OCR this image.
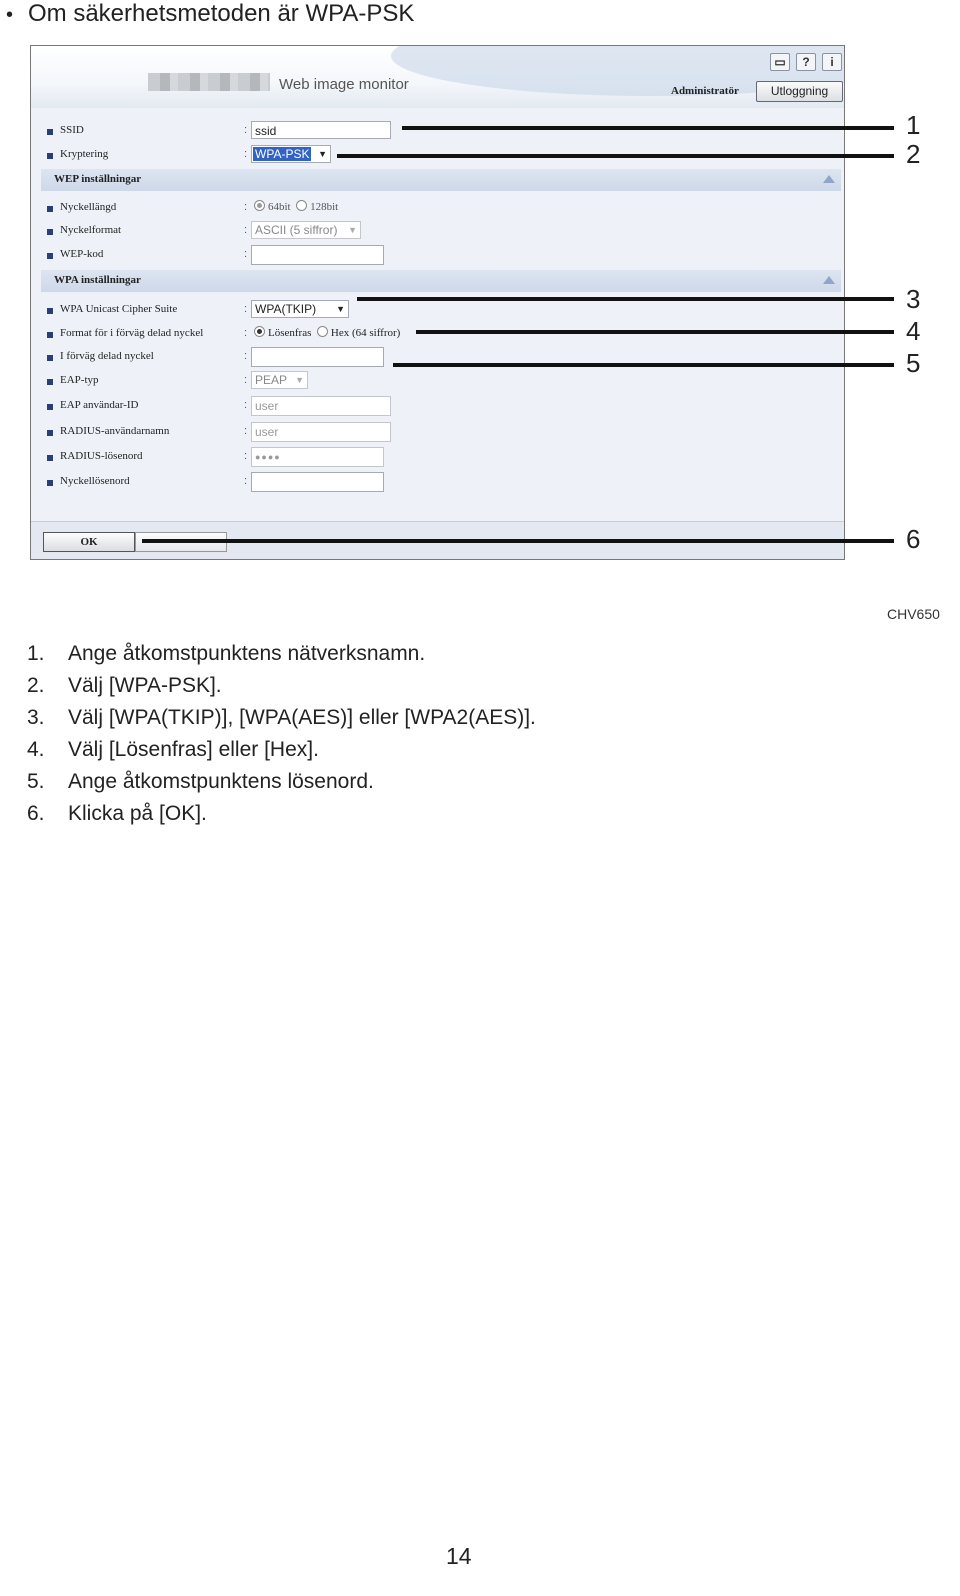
• Om säkerhetsmetoden är WPA-PSK
Web image monitor
▭	?	i
Administratör	Utloggning
SSID	: ssid
Kryptering	: WPA-PSK ▼
WEP inställningar
Nyckellängd	:	64bit 128bit
Nyckelformat	: ASCII (5 siffror) ▼
WEP-kod	:
WPA inställningar
WPA Unicast Cipher Suite	: WPA(TKIP) ▼
Format för i förväg delad nyckel	:	Lösenfras Hex (64 siffror)
I förväg delad nyckel	:
EAP-typ	: PEAP ▼
EAP användar-ID	: user
RADIUS-användarnamn	: user
RADIUS-lösenord	: ●●●●
Nyckellösenord	:
OK
1
2
3
4
5
6
CHV650
1. Ange åtkomstpunktens nätverksnamn.
2. Välj [WPA-PSK].
3. Välj [WPA(TKIP)], [WPA(AES)] eller [WPA2(AES)].
4. Välj [Lösenfras] eller [Hex].
5. Ange åtkomstpunktens lösenord.
6. Klicka på [OK].
14
